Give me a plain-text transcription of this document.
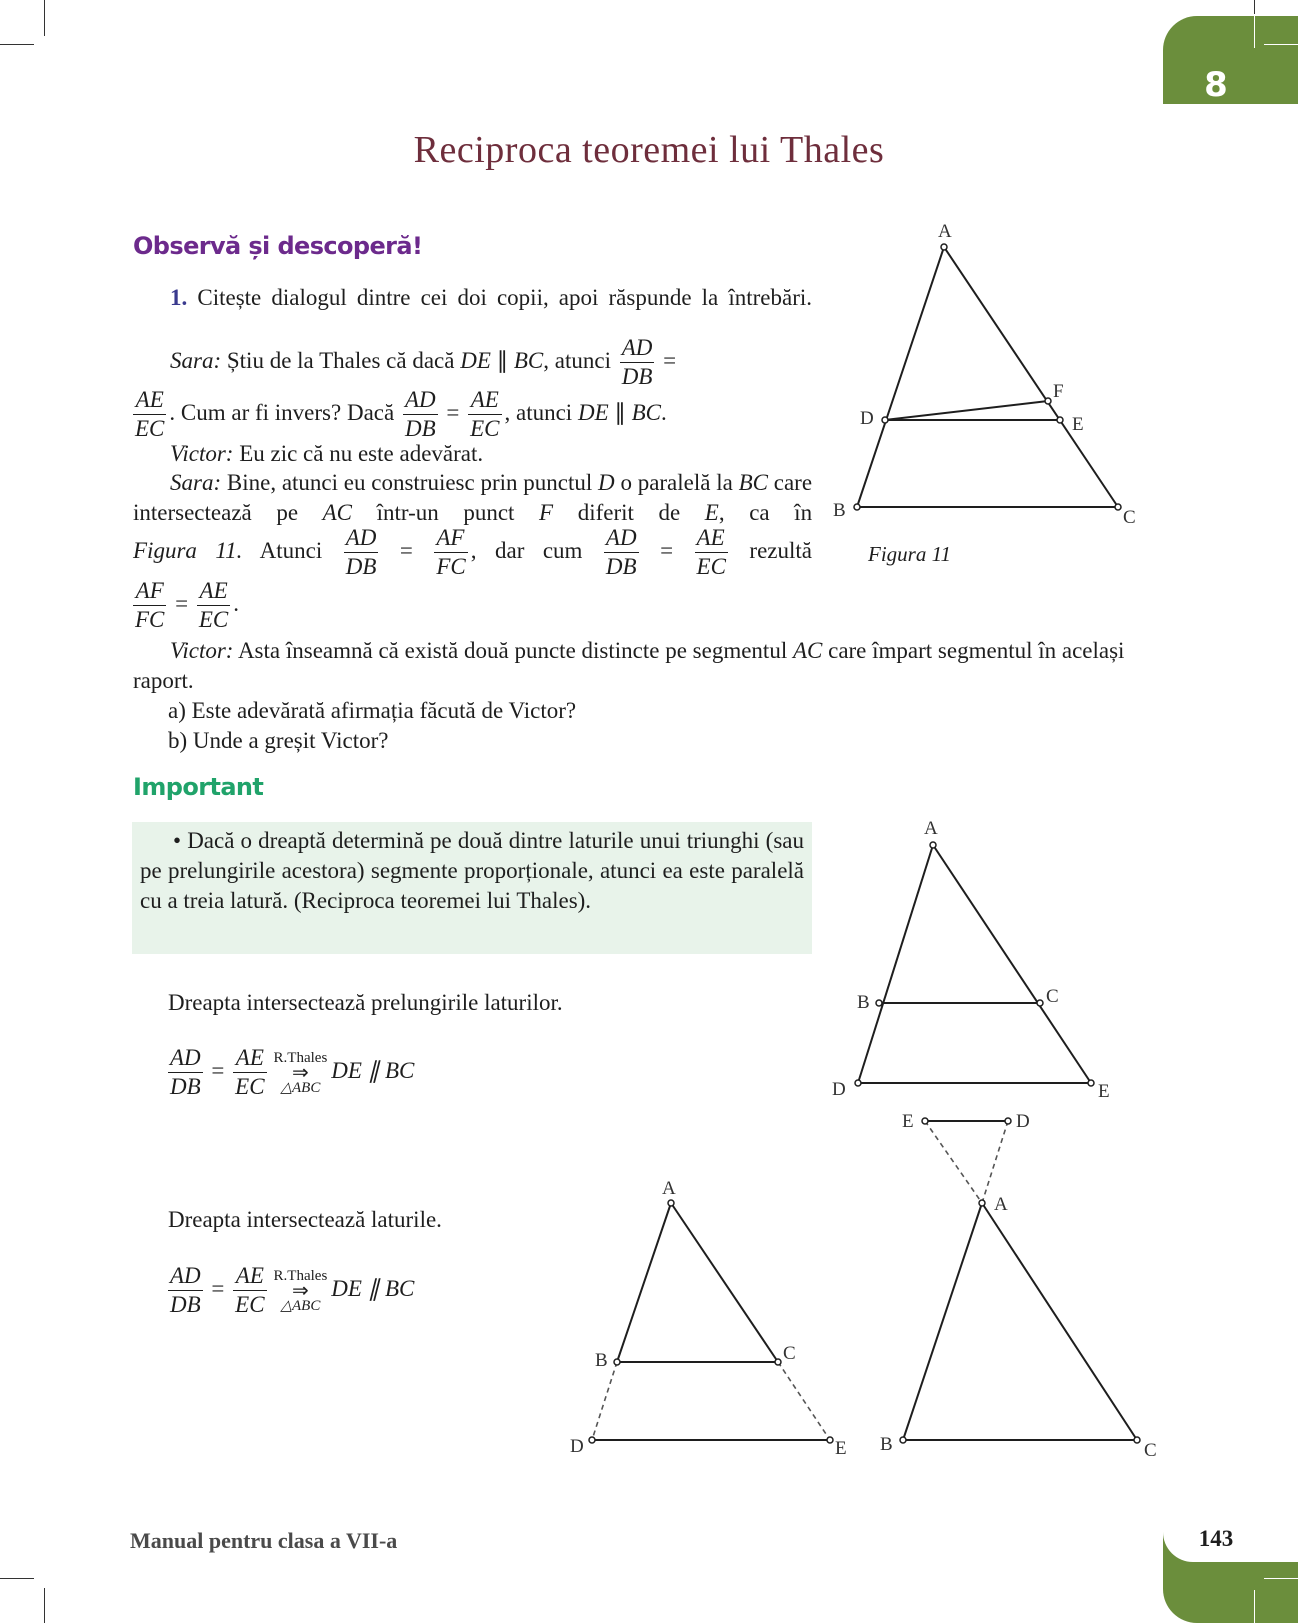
8
Reciproca teoremei lui Thales
Observă și descoperă!
1. Citește dialogul dintre cei doi copii, apoi răspunde la întrebări.
Sara: Știu de la Thales că dacă DE ∥ BC, atunci $\frac{AD}{DB}$ =
$\frac{AE}{EC}$ . Cum ar fi invers? Dacă $\frac{AD}{DB} = \frac{AE}{EC}$ , atunci DE ∥ BC.
Victor: Eu zic că nu este adevărat.
Sara: Bine, atunci eu construiesc prin punctul D o paralelă la BC care intersectează pe AC într-un punct F diferit de E, ca în
Figura 11. Atunci $\frac{AD}{DB} = \frac{AF}{FC}$ , dar cum $\frac{AD}{DB} = \frac{AE}{EC}$ rezultă
$\frac{AF}{FC} = \frac{AE}{EC}$ .
Victor: Asta înseamnă că există două puncte distincte pe segmentul AC care împart segmentul în același raport.
a) Este adevărată afirmația făcută de Victor?
b) Unde a greșit Victor?
A
B	C
D	E
F
Figura 11
Important
• Dacă o dreaptă determină pe două dintre laturile unui triunghi (sau pe prelungirile acestora) segmente proporționale, atunci ea este paralelă cu a treia latură. (Reciproca teoremei lui Thales).
Dreapta intersectează prelungirile laturilor.
$\frac{AD}{DB} = \frac{AE}{EC}$ R.Thales
⇒
△ABC
DE ∥ BC
A
B	C
D	E
Dreapta intersectează laturile.
$\frac{AD}{DB} = \frac{AE}{EC}$ R.Thales
⇒
△ABC
DE ∥ BC
A
B	C
D	E
E	D
A
B	C
Manual pentru clasa a VII-a	143
